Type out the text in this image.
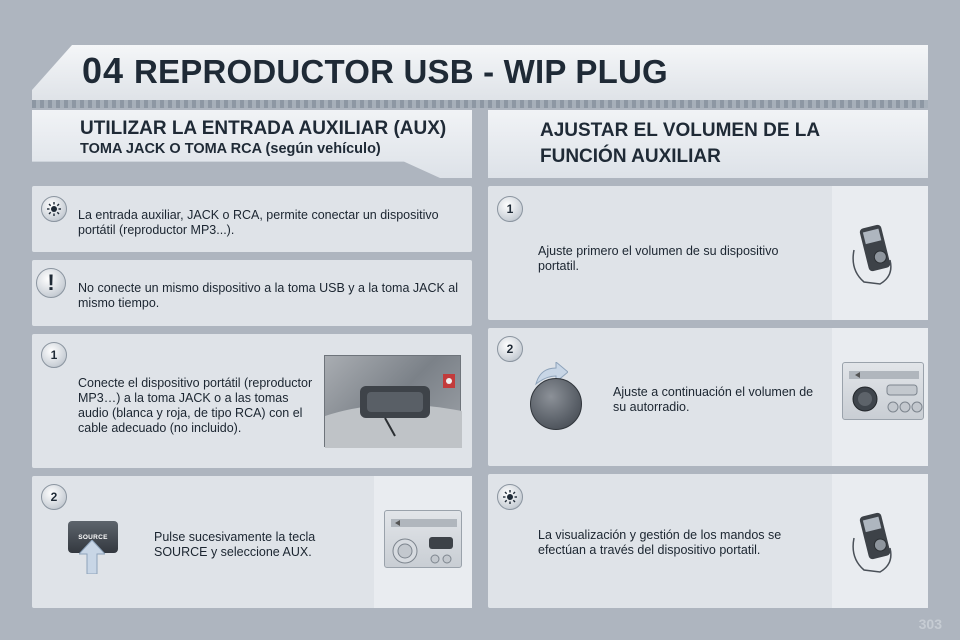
04 REPRODUCTOR USB - WIP PLUG
UTILIZAR LA ENTRADA AUXILIAR (AUX)
TOMA JACK O TOMA RCA (según vehículo)
AJUSTAR EL VOLUMEN DE LA FUNCIÓN AUXILIAR
La entrada auxiliar, JACK o RCA, permite conectar un dispositivo portátil (reproductor MP3...).
! No conecte un mismo dispositivo a la toma USB y a la toma JACK al mismo tiempo.
1
Conecte el dispositivo portátil (reproductor MP3…) a la toma JACK o a las tomas audio (blanca y roja, de tipo RCA) con el cable adecuado (no incluido).
2
SOURCE	Pulse sucesivamente la tecla SOURCE y seleccione AUX.
1
Ajuste primero el volumen de su dispositivo portatil.
2
Ajuste a continuación el volumen de su autorradio.
La visualización y gestión de los mandos se efectúan a través del dispositivo portatil.
303
